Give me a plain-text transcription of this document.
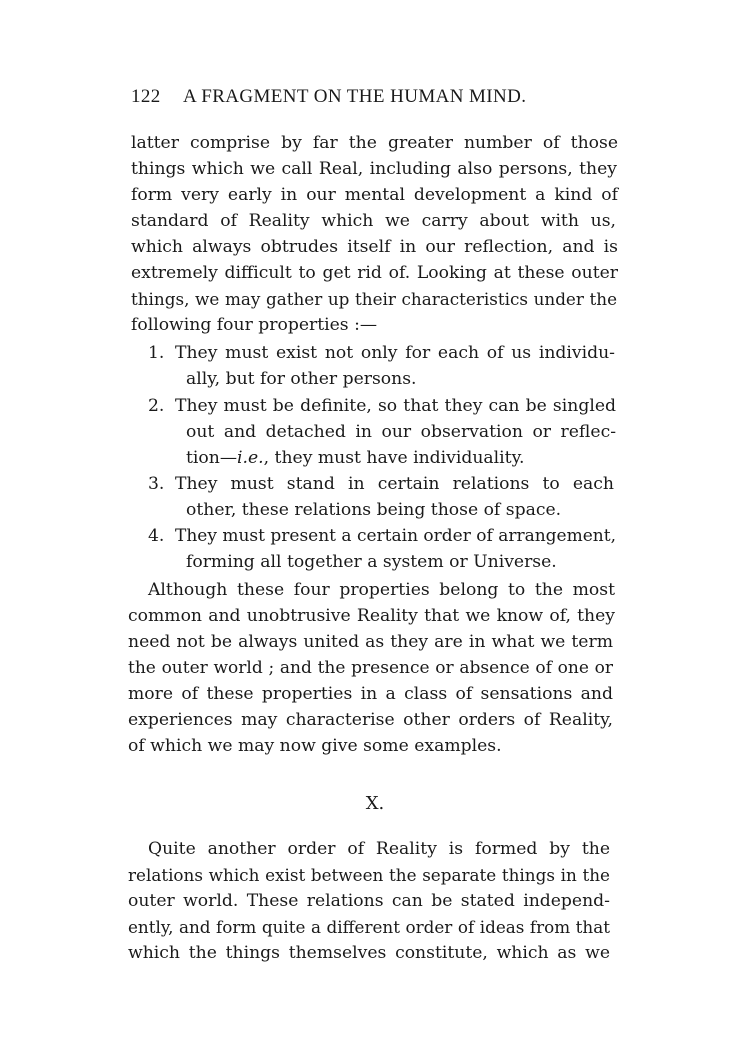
122 A FRAGMENT ON THE HUMAN MIND.
latter comprise by far the greater number of those
things which we call Real, including also persons, they
form very early in our mental development a kind of
standard of Reality which we carry about with us,
which always obtrudes itself in our reflection, and is
extremely difficult to get rid of. Looking at these outer
things, we may gather up their characteristics under the
following four properties :—
1. They must exist not only for each of us individu-
ally, but for other persons.
2. They must be definite, so that they can be singled
out and detached in our observation or reflec-
tion—i.e., they must have individuality.
3. They must stand in certain relations to each
other, these relations being those of space.
4. They must present a certain order of arrangement,
forming all together a system or Universe.
Although these four properties belong to the most
common and unobtrusive Reality that we know of, they
need not be always united as they are in what we term
the outer world ; and the presence or absence of one or
more of these properties in a class of sensations and
experiences may characterise other orders of Reality,
of which we may now give some examples.
X.
Quite another order of Reality is formed by the
relations which exist between the separate things in the
outer world. These relations can be stated independ-
ently, and form quite a different order of ideas from that
which the things themselves constitute, which as we
